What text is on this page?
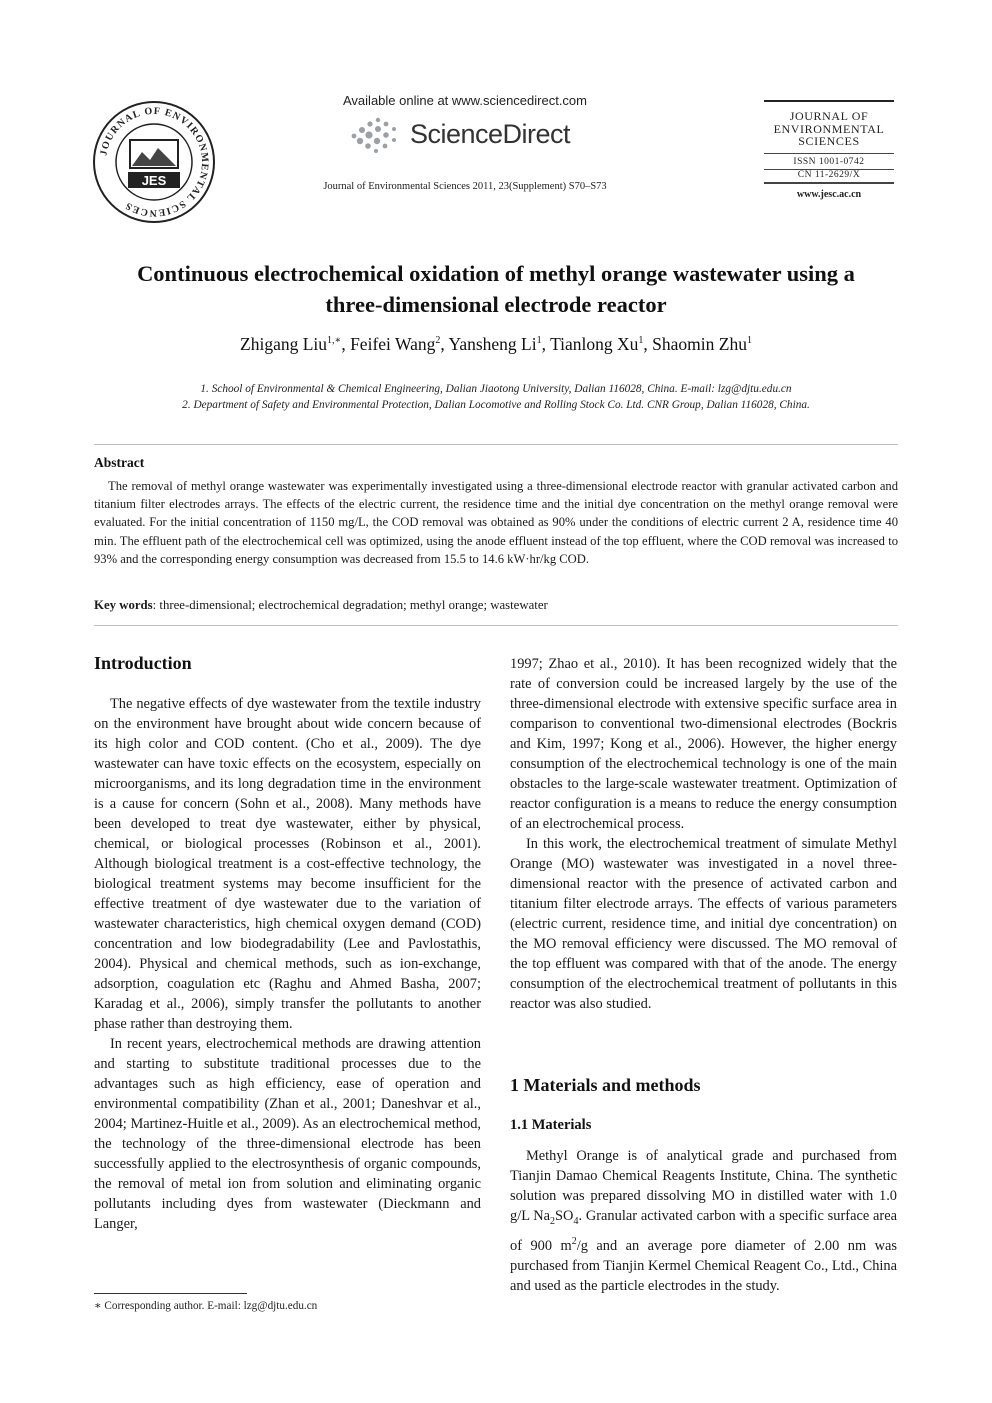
JOURNAL OF ENVIRONMENTAL SCIENCES
JES
Available online at www.sciencedirect.com
ScienceDirect
Journal of Environmental Sciences 2011, 23(Supplement) S70–S73
JOURNAL OF
ENVIRONMENTAL
SCIENCES
ISSN 1001-0742
CN 11-2629/X
www.jesc.ac.cn
Continuous electrochemical oxidation of methyl orange wastewater using a
three-dimensional electrode reactor
Zhigang Liu$^{1,∗}$, Feifei Wang$^2$, Yansheng Li$^1$, Tianlong Xu$^1$, Shaomin Zhu$^1$
1. School of Environmental & Chemical Engineering, Dalian Jiaotong University, Dalian 116028, China. E-mail: lzg@djtu.edu.cn
2. Department of Safety and Environmental Protection, Dalian Locomotive and Rolling Stock Co. Ltd. CNR Group, Dalian 116028, China.
Abstract
The removal of methyl orange wastewater was experimentally investigated using a three-dimensional electrode reactor with granular activated carbon and titanium filter electrodes arrays. The effects of the electric current, the residence time and the initial dye concentration on the methyl orange removal were evaluated. For the initial concentration of 1150 mg/L, the COD removal was obtained as 90% under the conditions of electric current 2 A, residence time 40 min. The effluent path of the electrochemical cell was optimized, using the anode effluent instead of the top effluent, where the COD removal was increased to 93% and the corresponding energy consumption was decreased from 15.5 to 14.6 kW·hr/kg COD.
Key words: three-dimensional; electrochemical degradation; methyl orange; wastewater
Introduction

The negative effects of dye wastewater from the textile industry on the environment have brought about wide concern because of its high color and COD content. (Cho et al., 2009). The dye wastewater can have toxic effects on the ecosystem, especially on microorganisms, and its long degradation time in the environment is a cause for concern (Sohn et al., 2008). Many methods have been developed to treat dye wastewater, either by physical, chemical, or biological processes (Robinson et al., 2001). Although biological treatment is a cost-effective technology, the biological treatment systems may become insufficient for the effective treatment of dye wastewater due to the variation of wastewater characteristics, high chemical oxygen demand (COD) concentration and low biodegradability (Lee and Pavlostathis, 2004). Physical and chemical methods, such as ion-exchange, adsorption, coagulation etc (Raghu and Ahmed Basha, 2007; Karadag et al., 2006), simply transfer the pollutants to another phase rather than destroying them.

In recent years, electrochemical methods are drawing attention and starting to substitute traditional processes due to the advantages such as high efficiency, ease of operation and environmental compatibility (Zhan et al., 2001; Daneshvar et al., 2004; Martinez-Huitle et al., 2009). As an electrochemical method, the technology of the three-dimensional electrode has been successfully applied to the electrosynthesis of organic compounds, the removal of metal ion from solution and eliminating organic pollutants including dyes from wastewater (Dieckmann and Langer,

1997; Zhao et al., 2010). It has been recognized widely that the rate of conversion could be increased largely by the use of the three-dimensional electrode with extensive specific surface area in comparison to conventional two-dimensional electrodes (Bockris and Kim, 1997; Kong et al., 2006). However, the higher energy consumption of the electrochemical technology is one of the main obstacles to the large-scale wastewater treatment. Optimization of reactor configuration is a means to reduce the energy consumption of an electrochemical process.

In this work, the electrochemical treatment of simulate Methyl Orange (MO) wastewater was investigated in a novel three-dimensional reactor with the presence of activated carbon and titanium filter electrode arrays. The effects of various parameters (electric current, residence time, and initial dye concentration) on the MO removal efficiency were discussed. The MO removal of the top effluent was compared with that of the anode. The energy consumption of the electrochemical treatment of pollutants in this reactor was also studied.

1 Materials and methods
1.1 Materials

Methyl Orange is of analytical grade and purchased from Tianjin Damao Chemical Reagents Institute, China. The synthetic solution was prepared dissolving MO in distilled water with 1.0 g/L $Na_2SO_4$. Granular activated carbon with a specific surface area of 900 $m^2/g$ and an average pore diameter of 2.00 nm was purchased from Tianjin Kermel Chemical Reagent Co., Ltd., China and used as the particle electrodes in the study.

∗ Corresponding author. E-mail: lzg@djtu.edu.cn
